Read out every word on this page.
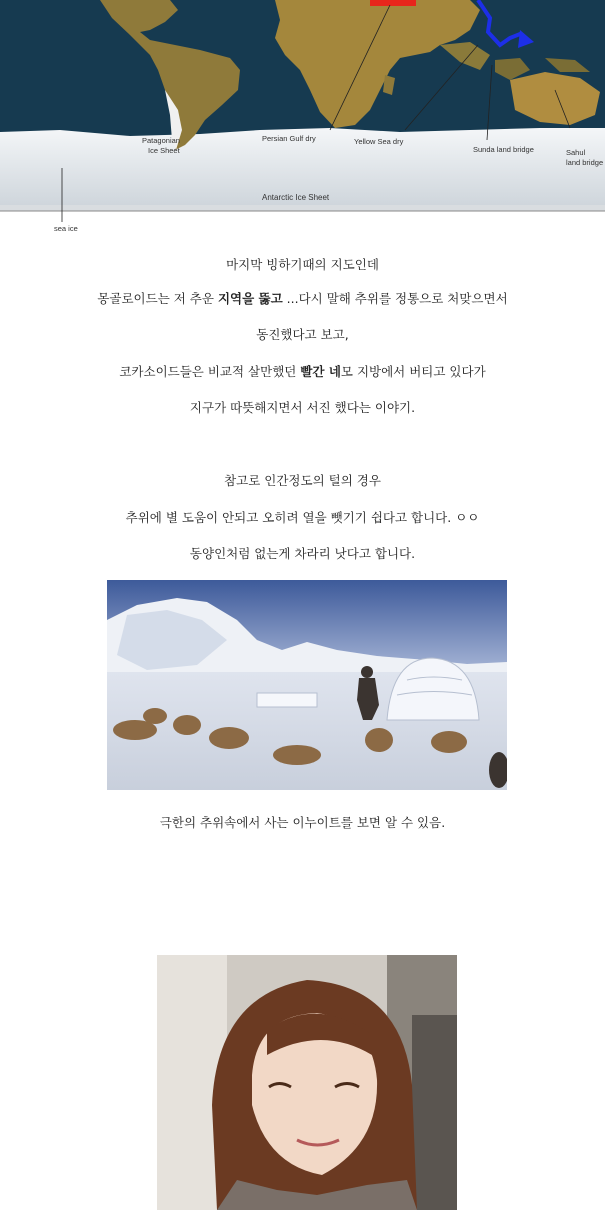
Patagonian
Ice Sheet
Persian Gulf dry	Yellow Sea dry
Sunda land bridge	Sahul
land bridge
Antarctic Ice Sheet
sea ice
마지막 빙하기때의 지도인데
몽골로이드는 저 추운 지역을 뚫고 ...다시 말해 추위를 정통으로 처맞으면서
동진했다고 보고,
코카소이드들은 비교적 살만했던 빨간 네모 지방에서 버티고 있다가
지구가 따뜻해지면서 서진 했다는 이야기.
참고로 인간정도의 털의 경우
추위에 별 도움이 안되고 오히려 열을 뺏기기 쉽다고 합니다. ㅇㅇ
동양인처럼 없는게 차라리 낫다고 합니다.
극한의 추위속에서 사는 이누이트를 보면 알 수 있음.
